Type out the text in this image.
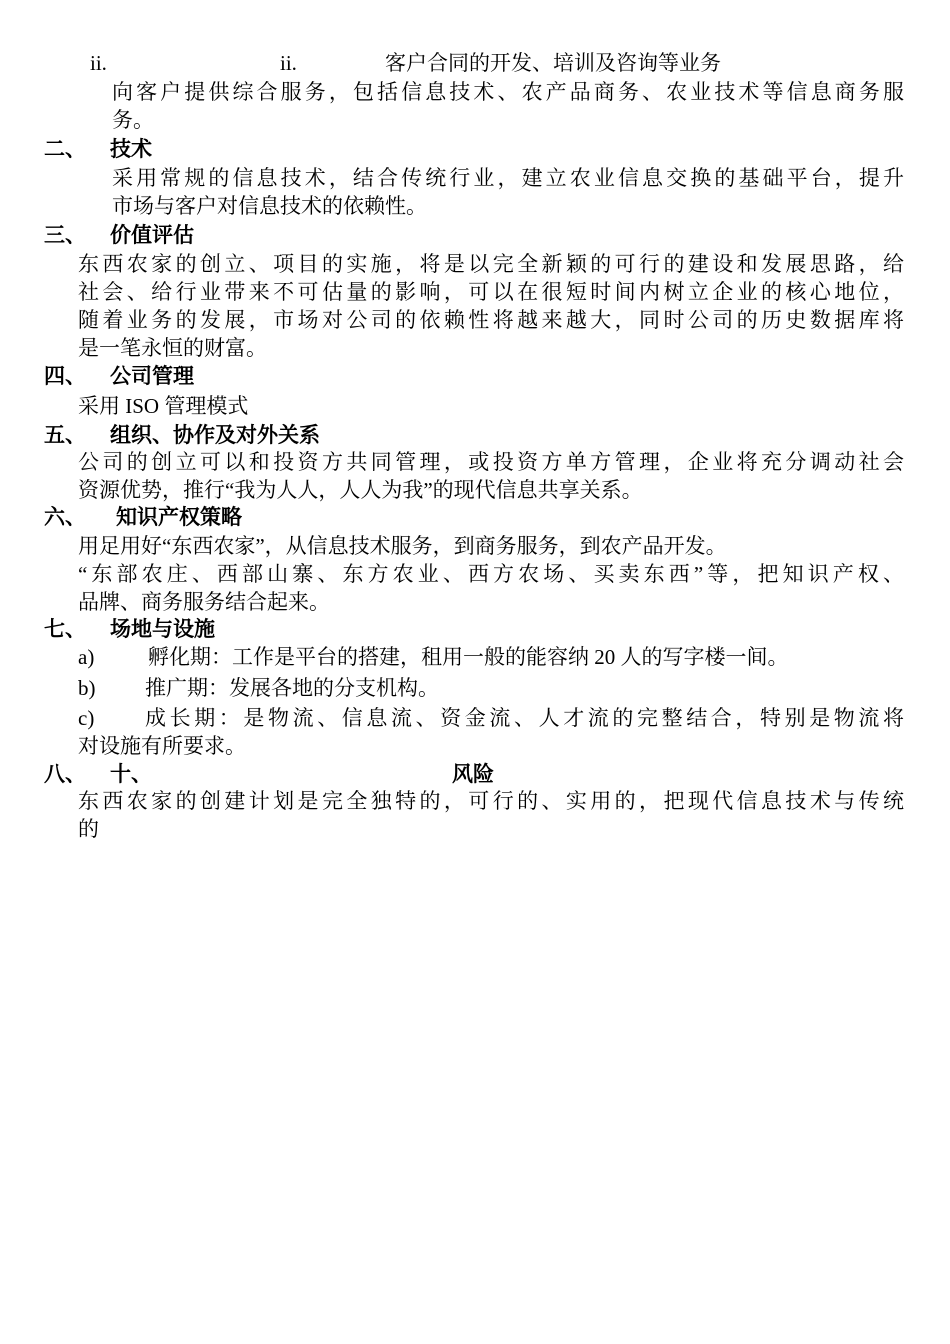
ii.	ii.	客户合同的开发、培训及咨询等业务
向客户提供综合服务，包括信息技术、农产品商务、农业技术等信息商务服
务。
二、 技术
采用常规的信息技术，结合传统行业，建立农业信息交换的基础平台，提升
市场与客户对信息技术的依赖性。
三、 价值评估
东西农家的创立、项目的实施，将是以完全新颖的可行的建设和发展思路，给
社会、给行业带来不可估量的影响，可以在很短时间内树立企业的核心地位，
随着业务的发展，市场对公司的依赖性将越来越大，同时公司的历史数据库将
是一笔永恒的财富。
四、 公司管理
采用 ISO 管理模式
五、 组织、协作及对外关系
公司的创立可以和投资方共同管理，或投资方单方管理，企业将充分调动社会
资源优势，推行“我为人人，人人为我”的现代信息共享关系。
六、 知识产权策略
用足用好“东西农家”，从信息技术服务，到商务服务，到农产品开发。
“东部农庄、西部山寨、东方农业、西方农场、买卖东西”等，把知识产权、
品牌、商务服务结合起来。
七、 场地与设施
a)	孵化期：工作是平台的搭建，租用一般的能容纳 20 人的写字楼一间。
b) 推广期：发展各地的分支机构。
c) 成长期：是物流、信息流、资金流、人才流的完整结合，特别是物流将
对设施有所要求。
八、 十、	风险
东西农家的创建计划是完全独特的，可行的、实用的，把现代信息技术与传统
的
